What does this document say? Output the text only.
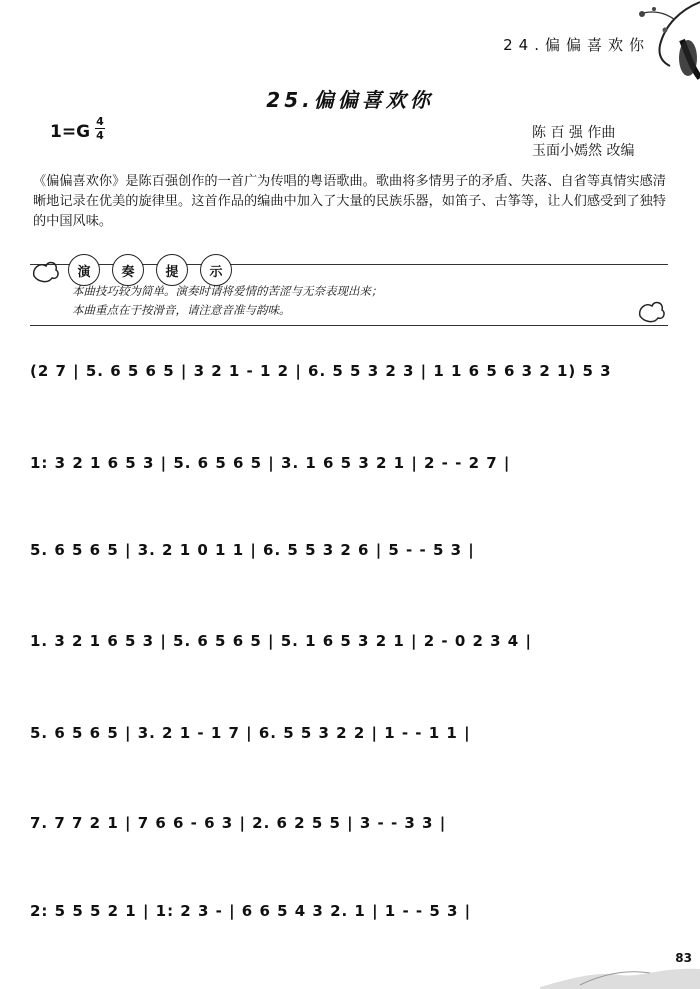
24.偏偏喜欢你
25.偏偏喜欢你
1=G
4
4	陈 百 强 作曲
玉面小嫣然 改编
《偏偏喜欢你》是陈百强创作的一首广为传唱的粤语歌曲。歌曲将多情男子的矛盾、失落、自省等真情实感清晰地记录在优美的旋律里。这首作品的编曲中加入了大量的民族乐器，如笛子、古筝等，让人们感受到了独特的中国风味。
演	奏	提	示
本曲技巧较为简单。演奏时请将爱情的苦涩与无奈表现出来；
本曲重点在于按滑音，请注意音准与韵味。
(2 7 | 5. 6 5 6 5 | 3 2 1 - 1 2 | 6. 5 5 3 2 3 | 1 1 6 5 6 3 2 1) 5 3
1: 3 2 1 6 5 3 | 5. 6 5 6 5 | 3. 1 6 5 3 2 1 | 2 - - 2 7 |
5. 6 5 6 5 | 3. 2 1 0 1 1 | 6. 5 5 3 2 6 | 5 - - 5 3 |
1. 3 2 1 6 5 3 | 5. 6 5 6 5 | 5. 1 6 5 3 2 1 | 2 - 0 2 3 4 |
5. 6 5 6 5 | 3. 2 1 - 1 7 | 6. 5 5 3 2 2 | 1 - - 1 1 |
7. 7 7 2 1 | 7 6 6 - 6 3 | 2. 6 2 5 5 | 3 - - 3 3 |
2: 5 5 5 2 1 | 1: 2 3 - | 6 6 5 4 3 2. 1 | 1 - - 5 3 |
83
